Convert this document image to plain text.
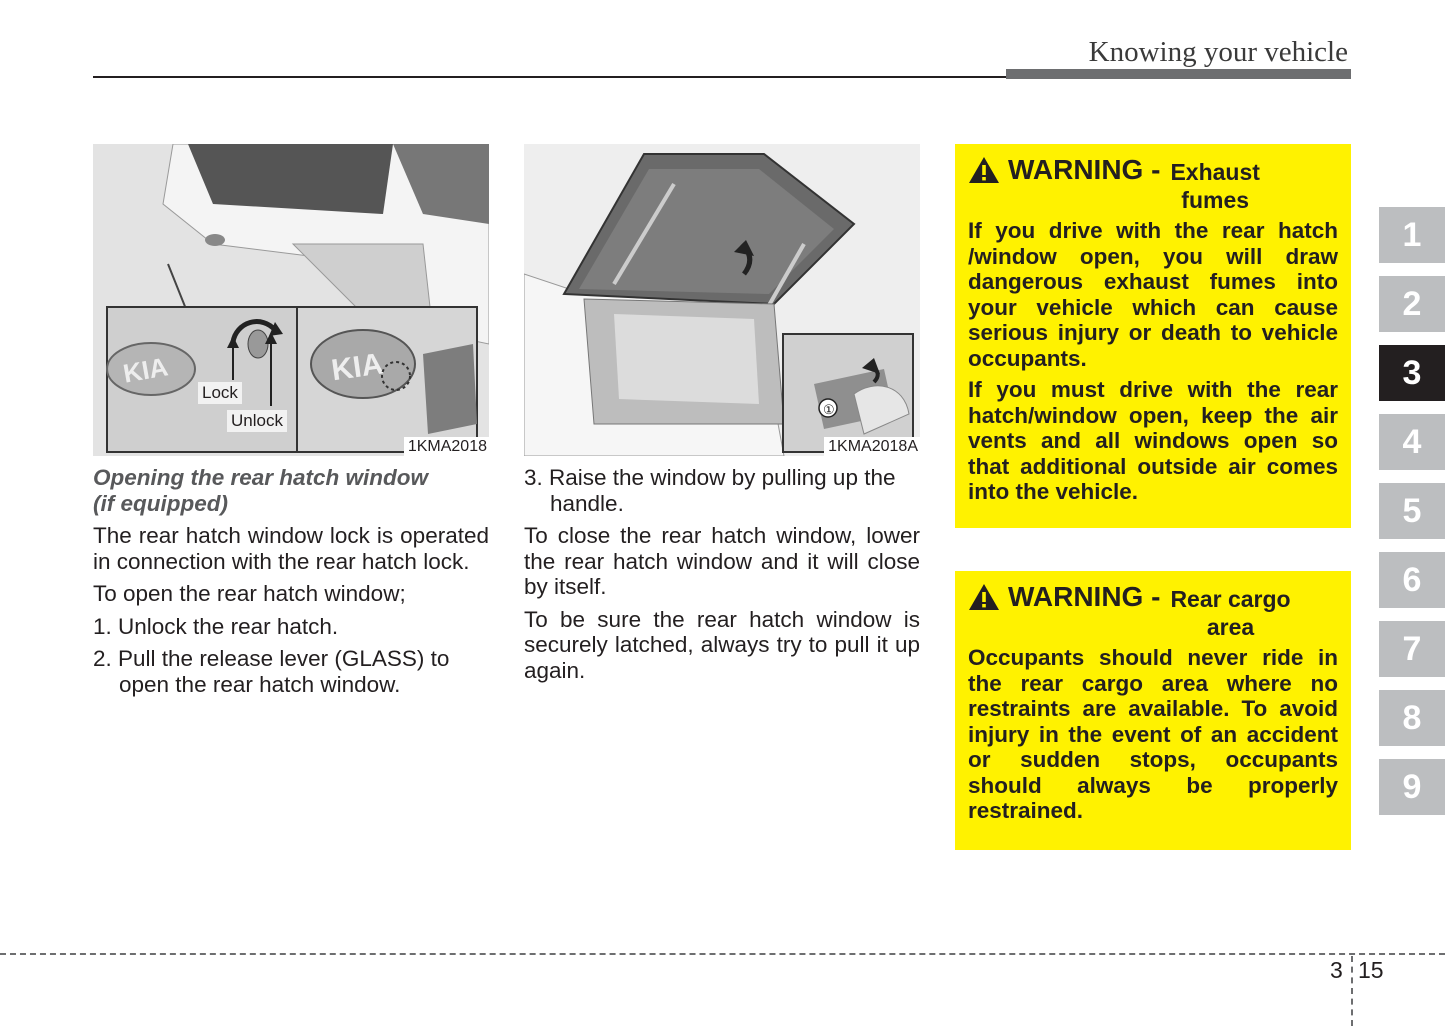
Knowing your vehicle
KIA	KIA
Lock
Unlock
1KMA2018
①
1KMA2018A

Opening the rear hatch window
(if equipped)

The rear hatch window lock is operated in connection with the rear hatch lock.

To open the rear hatch window;

1. Unlock the rear hatch.

2. Pull the release lever (GLASS) to open the rear hatch window.

3. Raise the window by pulling up the handle.

To close the rear hatch window, lower the rear hatch window and it will close by itself.

To be sure the rear hatch window is securely latched, always try to pull it up again.

WARNING - Exhaust
fumes

If you drive with the rear hatch /window open, you will draw dangerous exhaust fumes into your vehicle which can cause serious injury or death to vehicle occupants.

If you must drive with the rear hatch/window open, keep the air vents and all windows open so that additional outside air comes into the vehicle.

WARNING - Rear cargo
area

Occupants should never ride in the rear cargo area where no restraints are available. To avoid injury in the event of an accident or sudden stops, occupants should always be properly restrained.

1
2
3
4
5
6
7
8
9
3 15
